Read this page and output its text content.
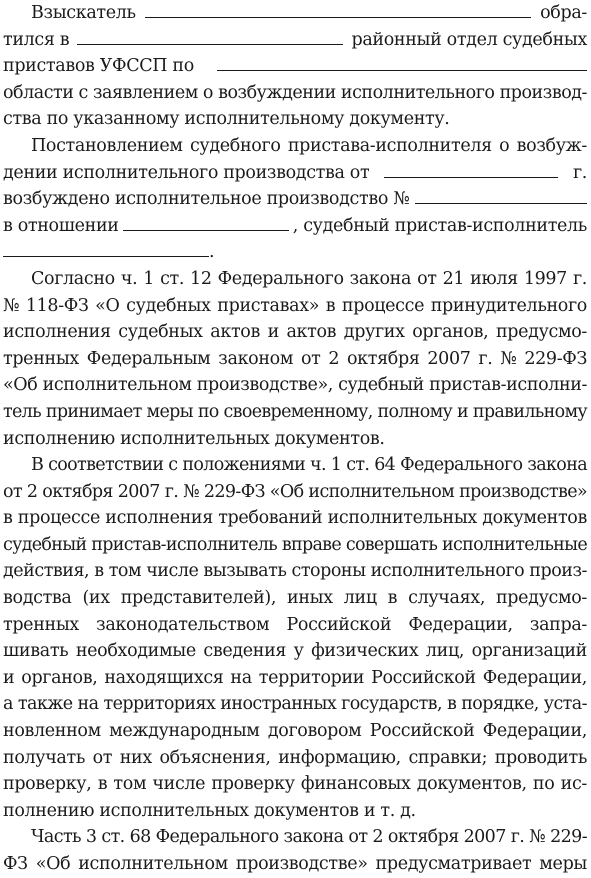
Взыскатель	обра-
тился в	районный отдел судебных
приставов УФССП по
области с заявлением о возбуждении исполнительного производ-
ства по указанному исполнительному документу.
Постановлением судебного пристава-исполнителя о возбуж-
дении исполнительного производства от	г.
возбуждено исполнительное производство №
в отношении	, судебный пристав-исполнитель
.
Согласно ч. 1 ст. 12 Федерального закона от 21 июля 1997 г.
№ 118-ФЗ «О судебных приставах» в процессе принудительного
исполнения судебных актов и актов других органов, предусмо-
тренных Федеральным законом от 2 октября 2007 г. № 229-ФЗ
«Об исполнительном производстве», судебный пристав-исполни-
тель принимает меры по своевременному, полному и правильному
исполнению исполнительных документов.
В соответствии с положениями ч. 1 ст. 64 Федерального закона
от 2 октября 2007 г. № 229-ФЗ «Об исполнительном производстве»
в процессе исполнения требований исполнительных документов
судебный пристав-исполнитель вправе совершать исполнительные
действия, в том числе вызывать стороны исполнительного произ-
водства (их представителей), иных лиц в случаях, предусмо-
тренных законодательством Российской Федерации, запра-
шивать необходимые сведения у физических лиц, организаций
и органов, находящихся на территории Российской Федерации,
а также на территориях иностранных государств, в порядке, уста-
новленном международным договором Российской Федерации,
получать от них объяснения, информацию, справки; проводить
проверку, в том числе проверку финансовых документов, по ис-
полнению исполнительных документов и т. д.
Часть 3 ст. 68 Федерального закона от 2 октября 2007 г. № 229-
ФЗ «Об исполнительном производстве» предусматривает меры
